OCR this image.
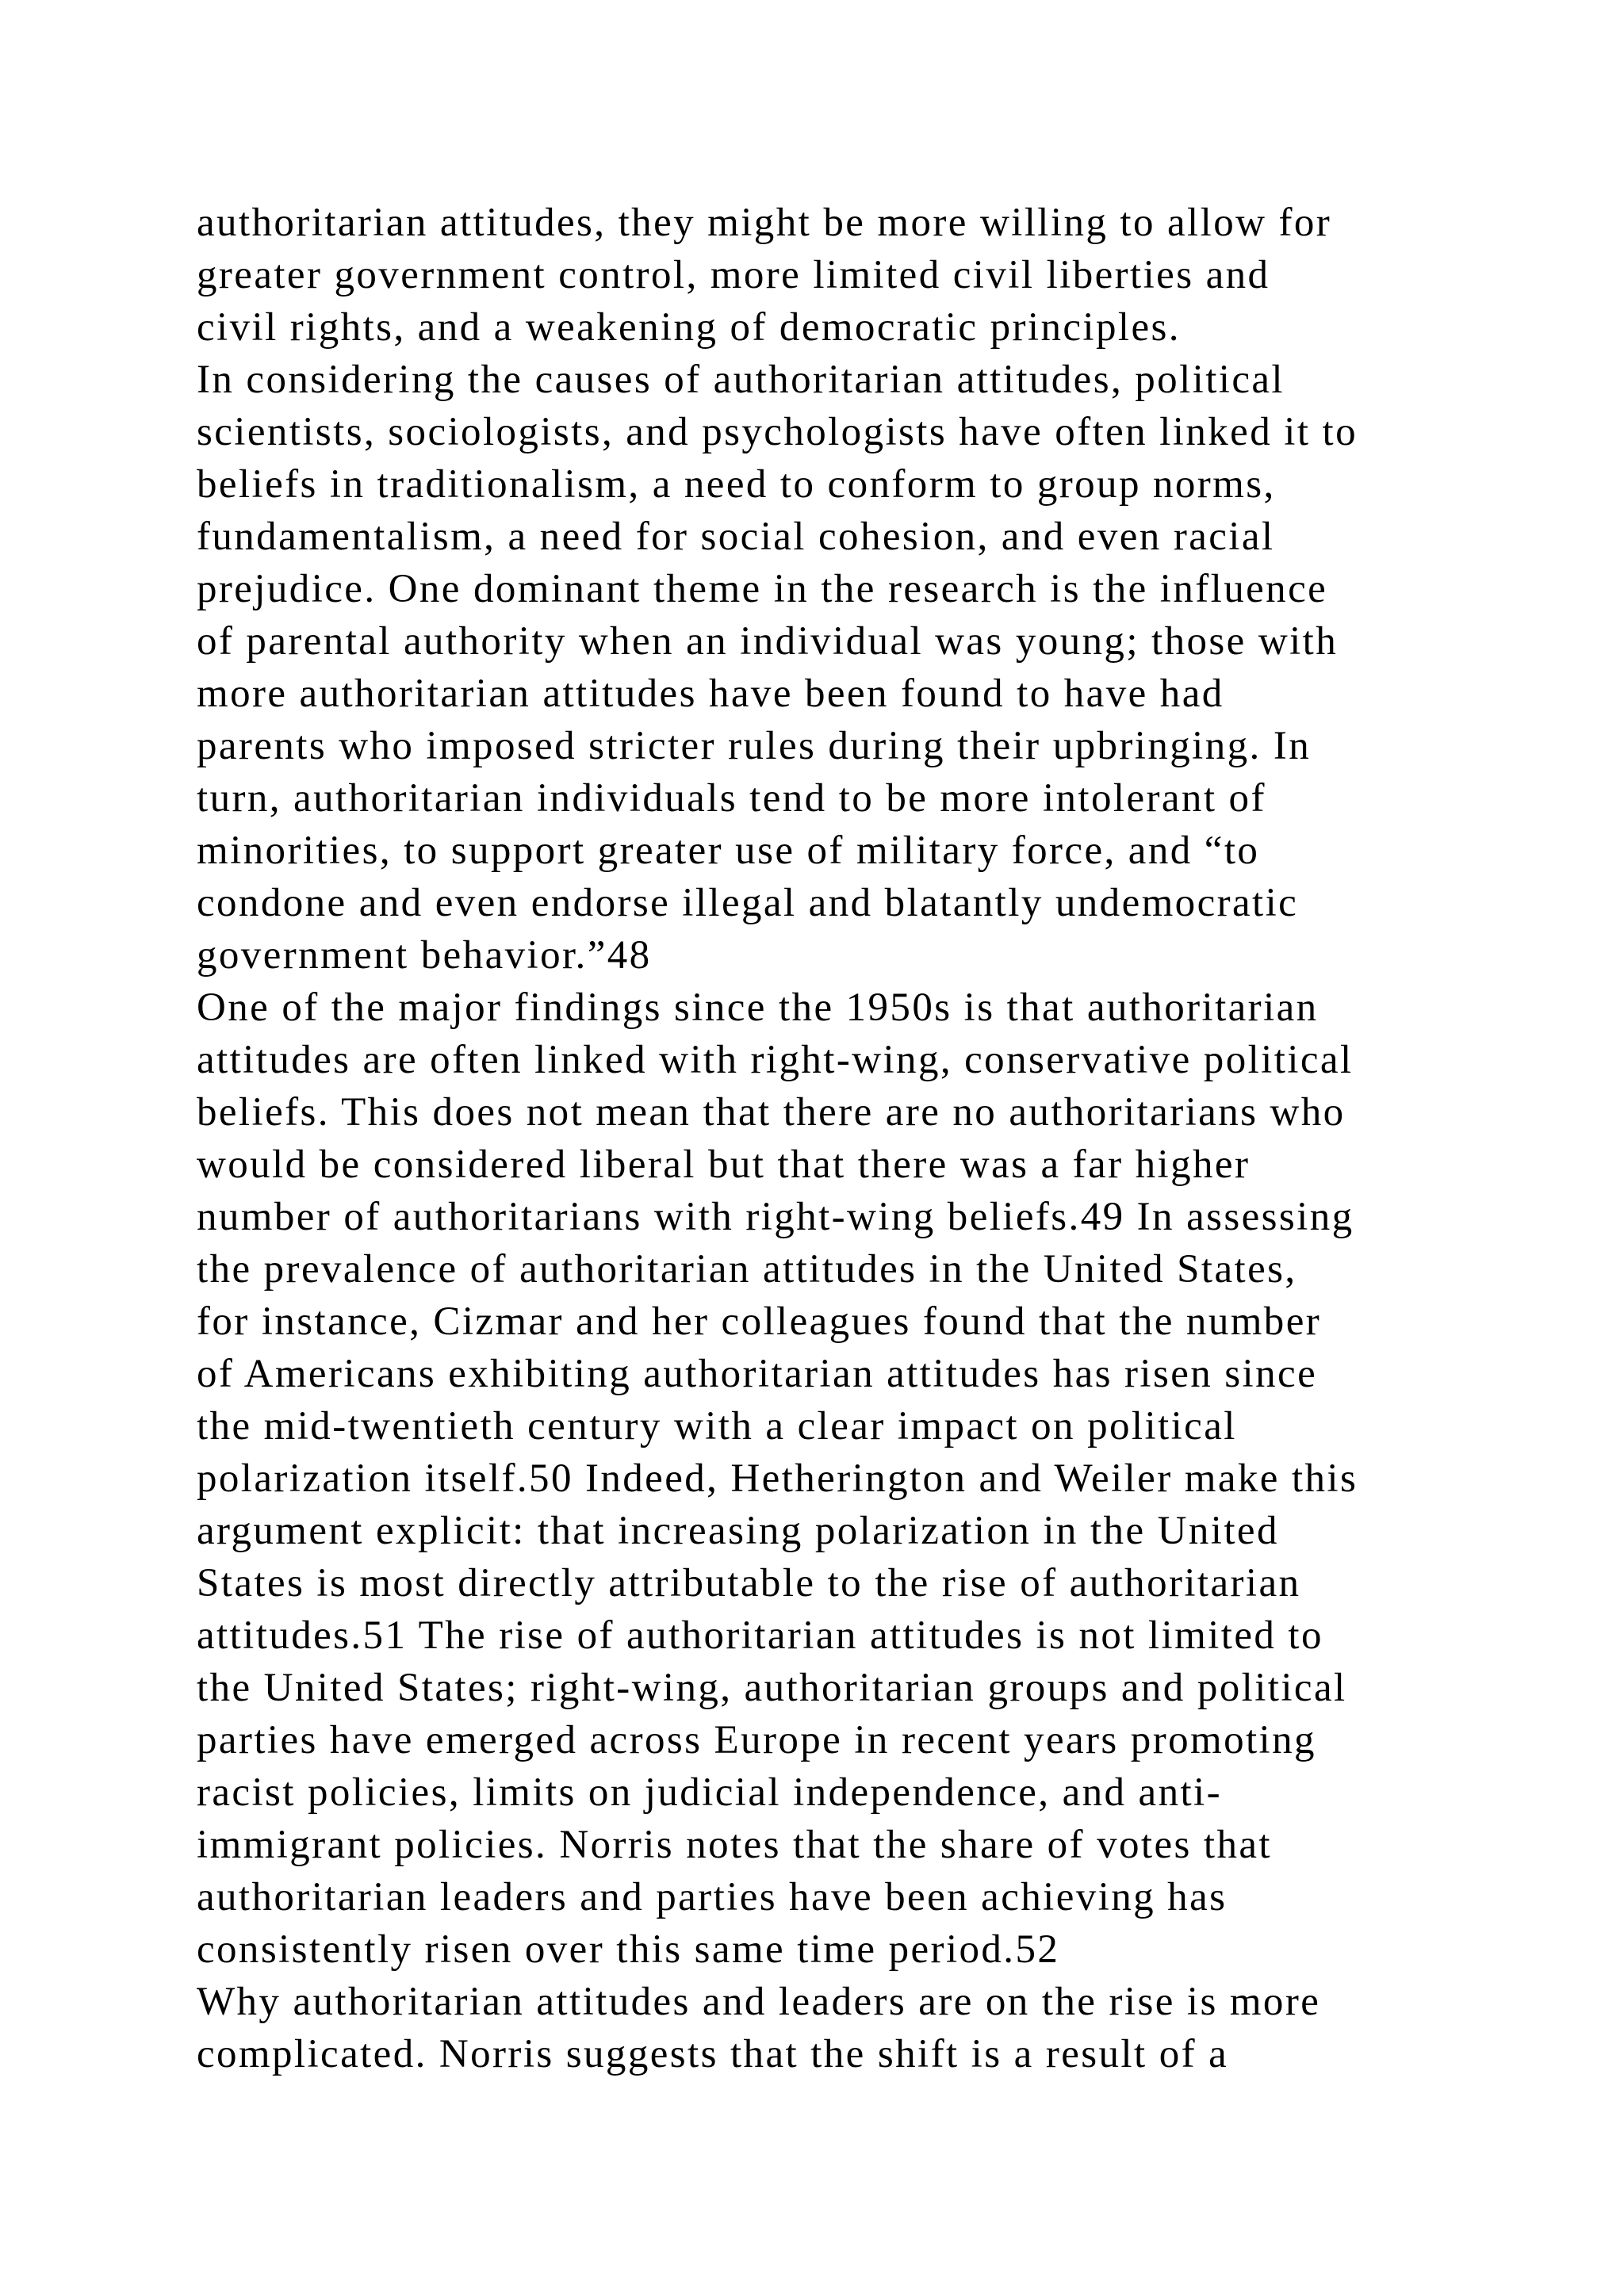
authoritarian attitudes, they might be more willing to allow for
greater government control, more limited civil liberties and
civil rights, and a weakening of democratic principles.
In considering the causes of authoritarian attitudes, political
scientists, sociologists, and psychologists have often linked it to
beliefs in traditionalism, a need to conform to group norms,
fundamentalism, a need for social cohesion, and even racial
prejudice. One dominant theme in the research is the influence
of parental authority when an individual was young; those with
more authoritarian attitudes have been found to have had
parents who imposed stricter rules during their upbringing. In
turn, authoritarian individuals tend to be more intolerant of
minorities, to support greater use of military force, and “to
condone and even endorse illegal and blatantly undemocratic
government behavior.”48
One of the major findings since the 1950s is that authoritarian
attitudes are often linked with right-wing, conservative political
beliefs. This does not mean that there are no authoritarians who
would be considered liberal but that there was a far higher
number of authoritarians with right-wing beliefs.49 In assessing
the prevalence of authoritarian attitudes in the United States,
for instance, Cizmar and her colleagues found that the number
of Americans exhibiting authoritarian attitudes has risen since
the mid-twentieth century with a clear impact on political
polarization itself.50 Indeed, Hetherington and Weiler make this
argument explicit: that increasing polarization in the United
States is most directly attributable to the rise of authoritarian
attitudes.51 The rise of authoritarian attitudes is not limited to
the United States; right-wing, authoritarian groups and political
parties have emerged across Europe in recent years promoting
racist policies, limits on judicial independence, and anti-
immigrant policies. Norris notes that the share of votes that
authoritarian leaders and parties have been achieving has
consistently risen over this same time period.52
Why authoritarian attitudes and leaders are on the rise is more
complicated. Norris suggests that the shift is a result of a
